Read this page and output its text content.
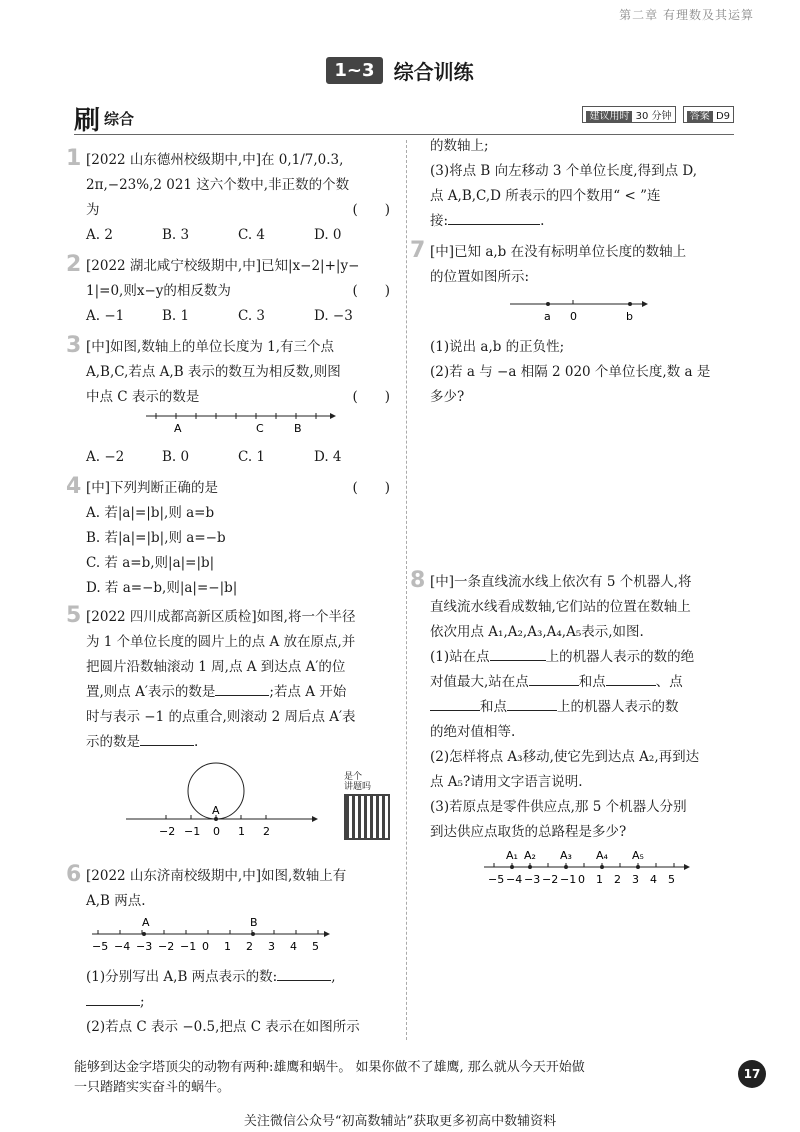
第二章 有理数及其运算
1~3 综合训练
刷 综合	建议用时 30 分钟 答案 D9
1 [2022 山东德州校级期中,中]在 0,1/7,0.3,
2π,−23%,2 021 这六个数中,非正数的个数
为	(　　)
A. 2	B. 3	C. 4	D. 0
2 [2022 湖北咸宁校级期中,中]已知|x−2|+|y−
1|=0,则x−y的相反数为	(　　)
A. −1	B. 1	C. 3	D. −3
3 [中]如图,数轴上的单位长度为 1,有三个点
A,B,C,若点 A,B 表示的数互为相反数,则图
中点 C 表示的数是	(　　)
A	C	B
A. −2	B. 0	C. 1	D. 4
4 [中]下列判断正确的是	(　　)
A. 若|a|=|b|,则 a=b
B. 若|a|=|b|,则 a=−b
C. 若 a=b,则|a|=|b|
D. 若 a=−b,则|a|=−|b|
5 [2022 四川成都高新区质检]如图,将一个半径
为 1 个单位长度的圆片上的点 A 放在原点,并
把圆片沿数轴滚动 1 周,点 A 到达点 A′的位
置,则点 A′表示的数是	;若点 A 开始
时与表示 −1 的点重合,则滚动 2 周后点 A′表
示的数是	.
A
−2 −1 0 1 2
6 [2022 山东济南校级期中,中]如图,数轴上有
A,B 两点.
A	B
−5 −4 −3 −2 −1 0 1 2 3 4 5
(1)分别写出 A,B 两点表示的数:	,
;
(2)若点 C 表示 −0.5,把点 C 表示在如图所示
是个
讲题吗
的数轴上;
(3)将点 B 向左移动 3 个单位长度,得到点 D,
点 A,B,C,D 所表示的四个数用“ < ”连
接:	.
7 [中]已知 a,b 在没有标明单位长度的数轴上
的位置如图所示:
a 0	b
(1)说出 a,b 的正负性;
(2)若 a 与 −a 相隔 2 020 个单位长度,数 a 是
多少?
8 [中]一条直线流水线上依次有 5 个机器人,将
直线流水线看成数轴,它们站的位置在数轴上
依次用点 A₁,A₂,A₃,A₄,A₅表示,如图.
(1)站在点	上的机器人表示的数的绝
对值最大,站在点	和点	、点
和点	上的机器人表示的数
的绝对值相等.
(2)怎样将点 A₃移动,使它先到达点 A₂,再到达
点 A₅?请用文字语言说明.
(3)若原点是零件供应点,那 5 个机器人分别
到达供应点取货的总路程是多少?
A₁ A₂ A₃ A₄ A₅
−5 −4 −3 −2 −1 0 1 2 3 4 5
能够到达金字塔顶尖的动物有两种:雄鹰和蜗牛。 如果你做不了雄鹰, 那么就从今天开始做
一只踏踏实实奋斗的蜗牛。
17
关注微信公众号“初高数辅站”获取更多初高中数辅资料
